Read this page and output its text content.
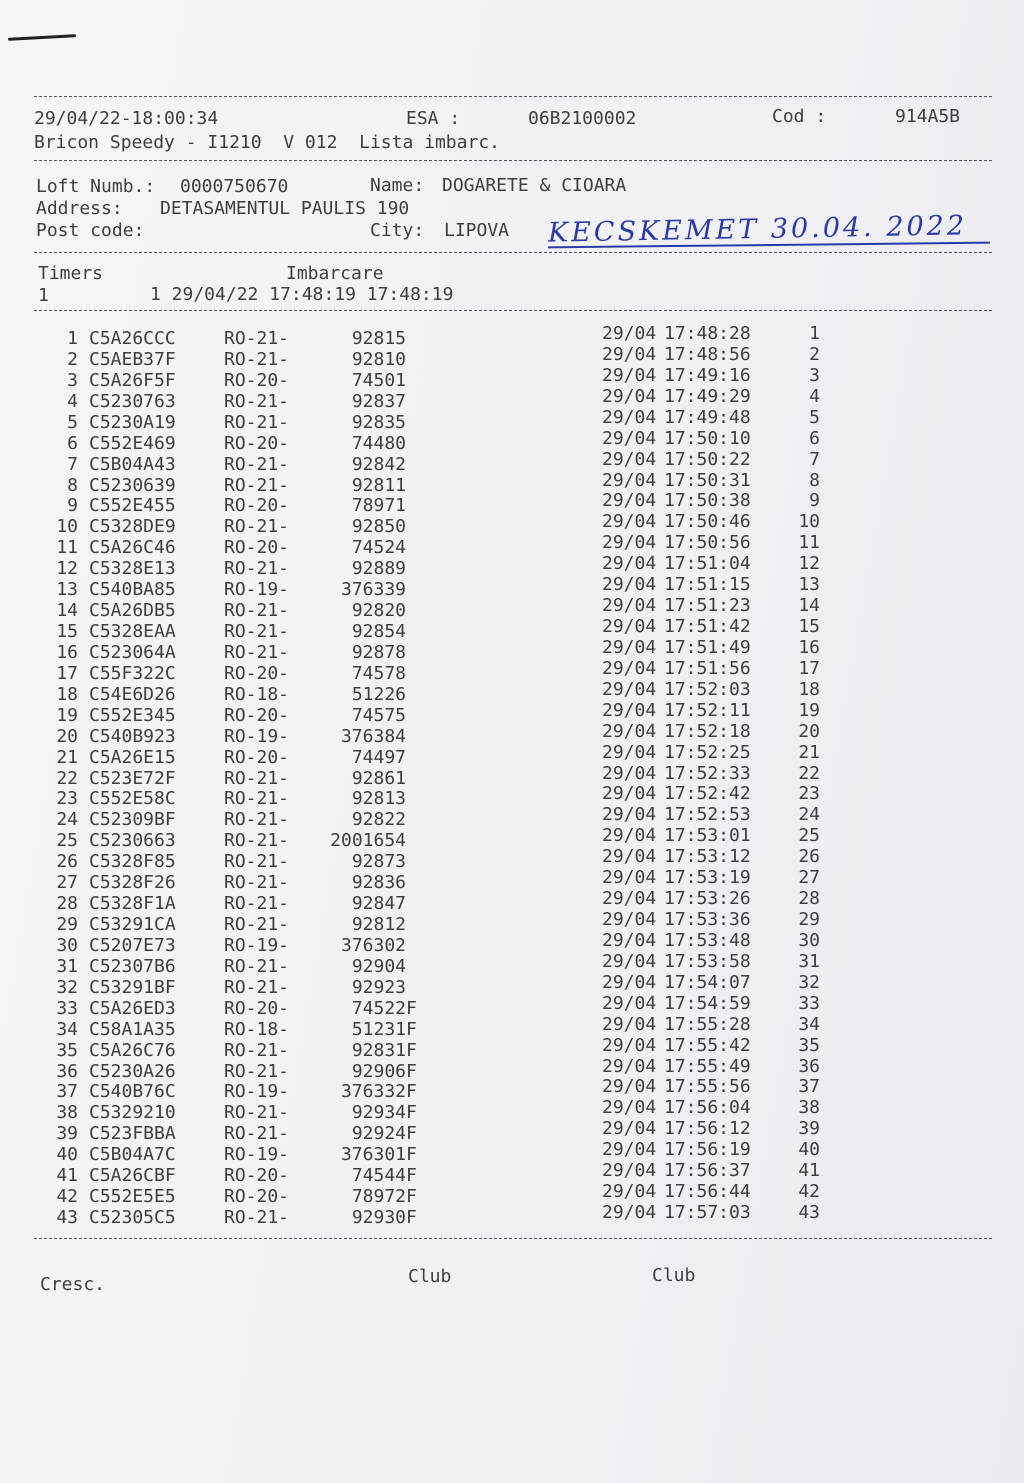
29/04/22-18:00:34	ESA :	06B2100002	Cod :	914A5B
Bricon Speedy - I1210  V 012  Lista imbarc.
Loft Numb.: 0000750670	Name: DOGARETE & CIOARA
Address: DETASAMENTUL PAULIS 190
Post code:	City: LIPOVA KECSKEMET 30.04. 2022
Timers	Imbarcare
1	1 29/04/22 17:48:19 17:48:19
1 C5A26CCC	RO-21-	92815	29/04 17:48:28	1
2 C5AEB37F	RO-21-	92810	29/04 17:48:56	2
3 C5A26F5F	RO-20-	74501	29/04 17:49:16	3
4 C5230763	RO-21-	92837	29/04 17:49:29	4
5 C5230A19	RO-21-	92835	29/04 17:49:48	5
6 C552E469	RO-20-	74480	29/04 17:50:10	6
7 C5B04A43	RO-21-	92842	29/04 17:50:22	7
8 C5230639	RO-21-	92811	29/04 17:50:31	8
9 C552E455	RO-20-	78971	29/04 17:50:38	9
10 C5328DE9	RO-21-	92850	29/04 17:50:46	10
11 C5A26C46	RO-20-	74524	29/04 17:50:56	11
12 C5328E13	RO-21-	92889	29/04 17:51:04	12
13 C540BA85	RO-19-	376339	29/04 17:51:15	13
14 C5A26DB5	RO-21-	92820	29/04 17:51:23	14
15 C5328EAA	RO-21-	92854	29/04 17:51:42	15
16 C523064A	RO-21-	92878	29/04 17:51:49	16
17 C55F322C	RO-20-	74578	29/04 17:51:56	17
18 C54E6D26	RO-18-	51226	29/04 17:52:03	18
19 C552E345	RO-20-	74575	29/04 17:52:11	19
20 C540B923	RO-19-	376384	29/04 17:52:18	20
21 C5A26E15	RO-20-	74497	29/04 17:52:25	21
22 C523E72F	RO-21-	92861	29/04 17:52:33	22
23 C552E58C	RO-21-	92813	29/04 17:52:42	23
24 C52309BF	RO-21-	92822	29/04 17:52:53	24
25 C5230663	RO-21-	2001654	29/04 17:53:01	25
26 C5328F85	RO-21-	92873	29/04 17:53:12	26
27 C5328F26	RO-21-	92836	29/04 17:53:19	27
28 C5328F1A	RO-21-	92847	29/04 17:53:26	28
29 C53291CA	RO-21-	92812	29/04 17:53:36	29
30 C5207E73	RO-19-	376302	29/04 17:53:48	30
31 C52307B6	RO-21-	92904	29/04 17:53:58	31
32 C53291BF	RO-21-	92923	29/04 17:54:07	32
33 C5A26ED3	RO-20-	74522 F	29/04 17:54:59	33
34 C58A1A35	RO-18-	51231 F	29/04 17:55:28	34
35 C5A26C76	RO-21-	92831 F	29/04 17:55:42	35
36 C5230A26	RO-21-	92906 F	29/04 17:55:49	36
37 C540B76C	RO-19-	376332 F	29/04 17:55:56	37
38 C5329210	RO-21-	92934 F	29/04 17:56:04	38
39 C523FBBA	RO-21-	92924 F	29/04 17:56:12	39
40 C5B04A7C	RO-19-	376301 F	29/04 17:56:19	40
41 C5A26CBF	RO-20-	74544 F	29/04 17:56:37	41
42 C552E5E5	RO-20-	78972 F	29/04 17:56:44	42
43 C52305C5	RO-21-	92930 F	29/04 17:57:03	43
Cresc.	Club	Club
